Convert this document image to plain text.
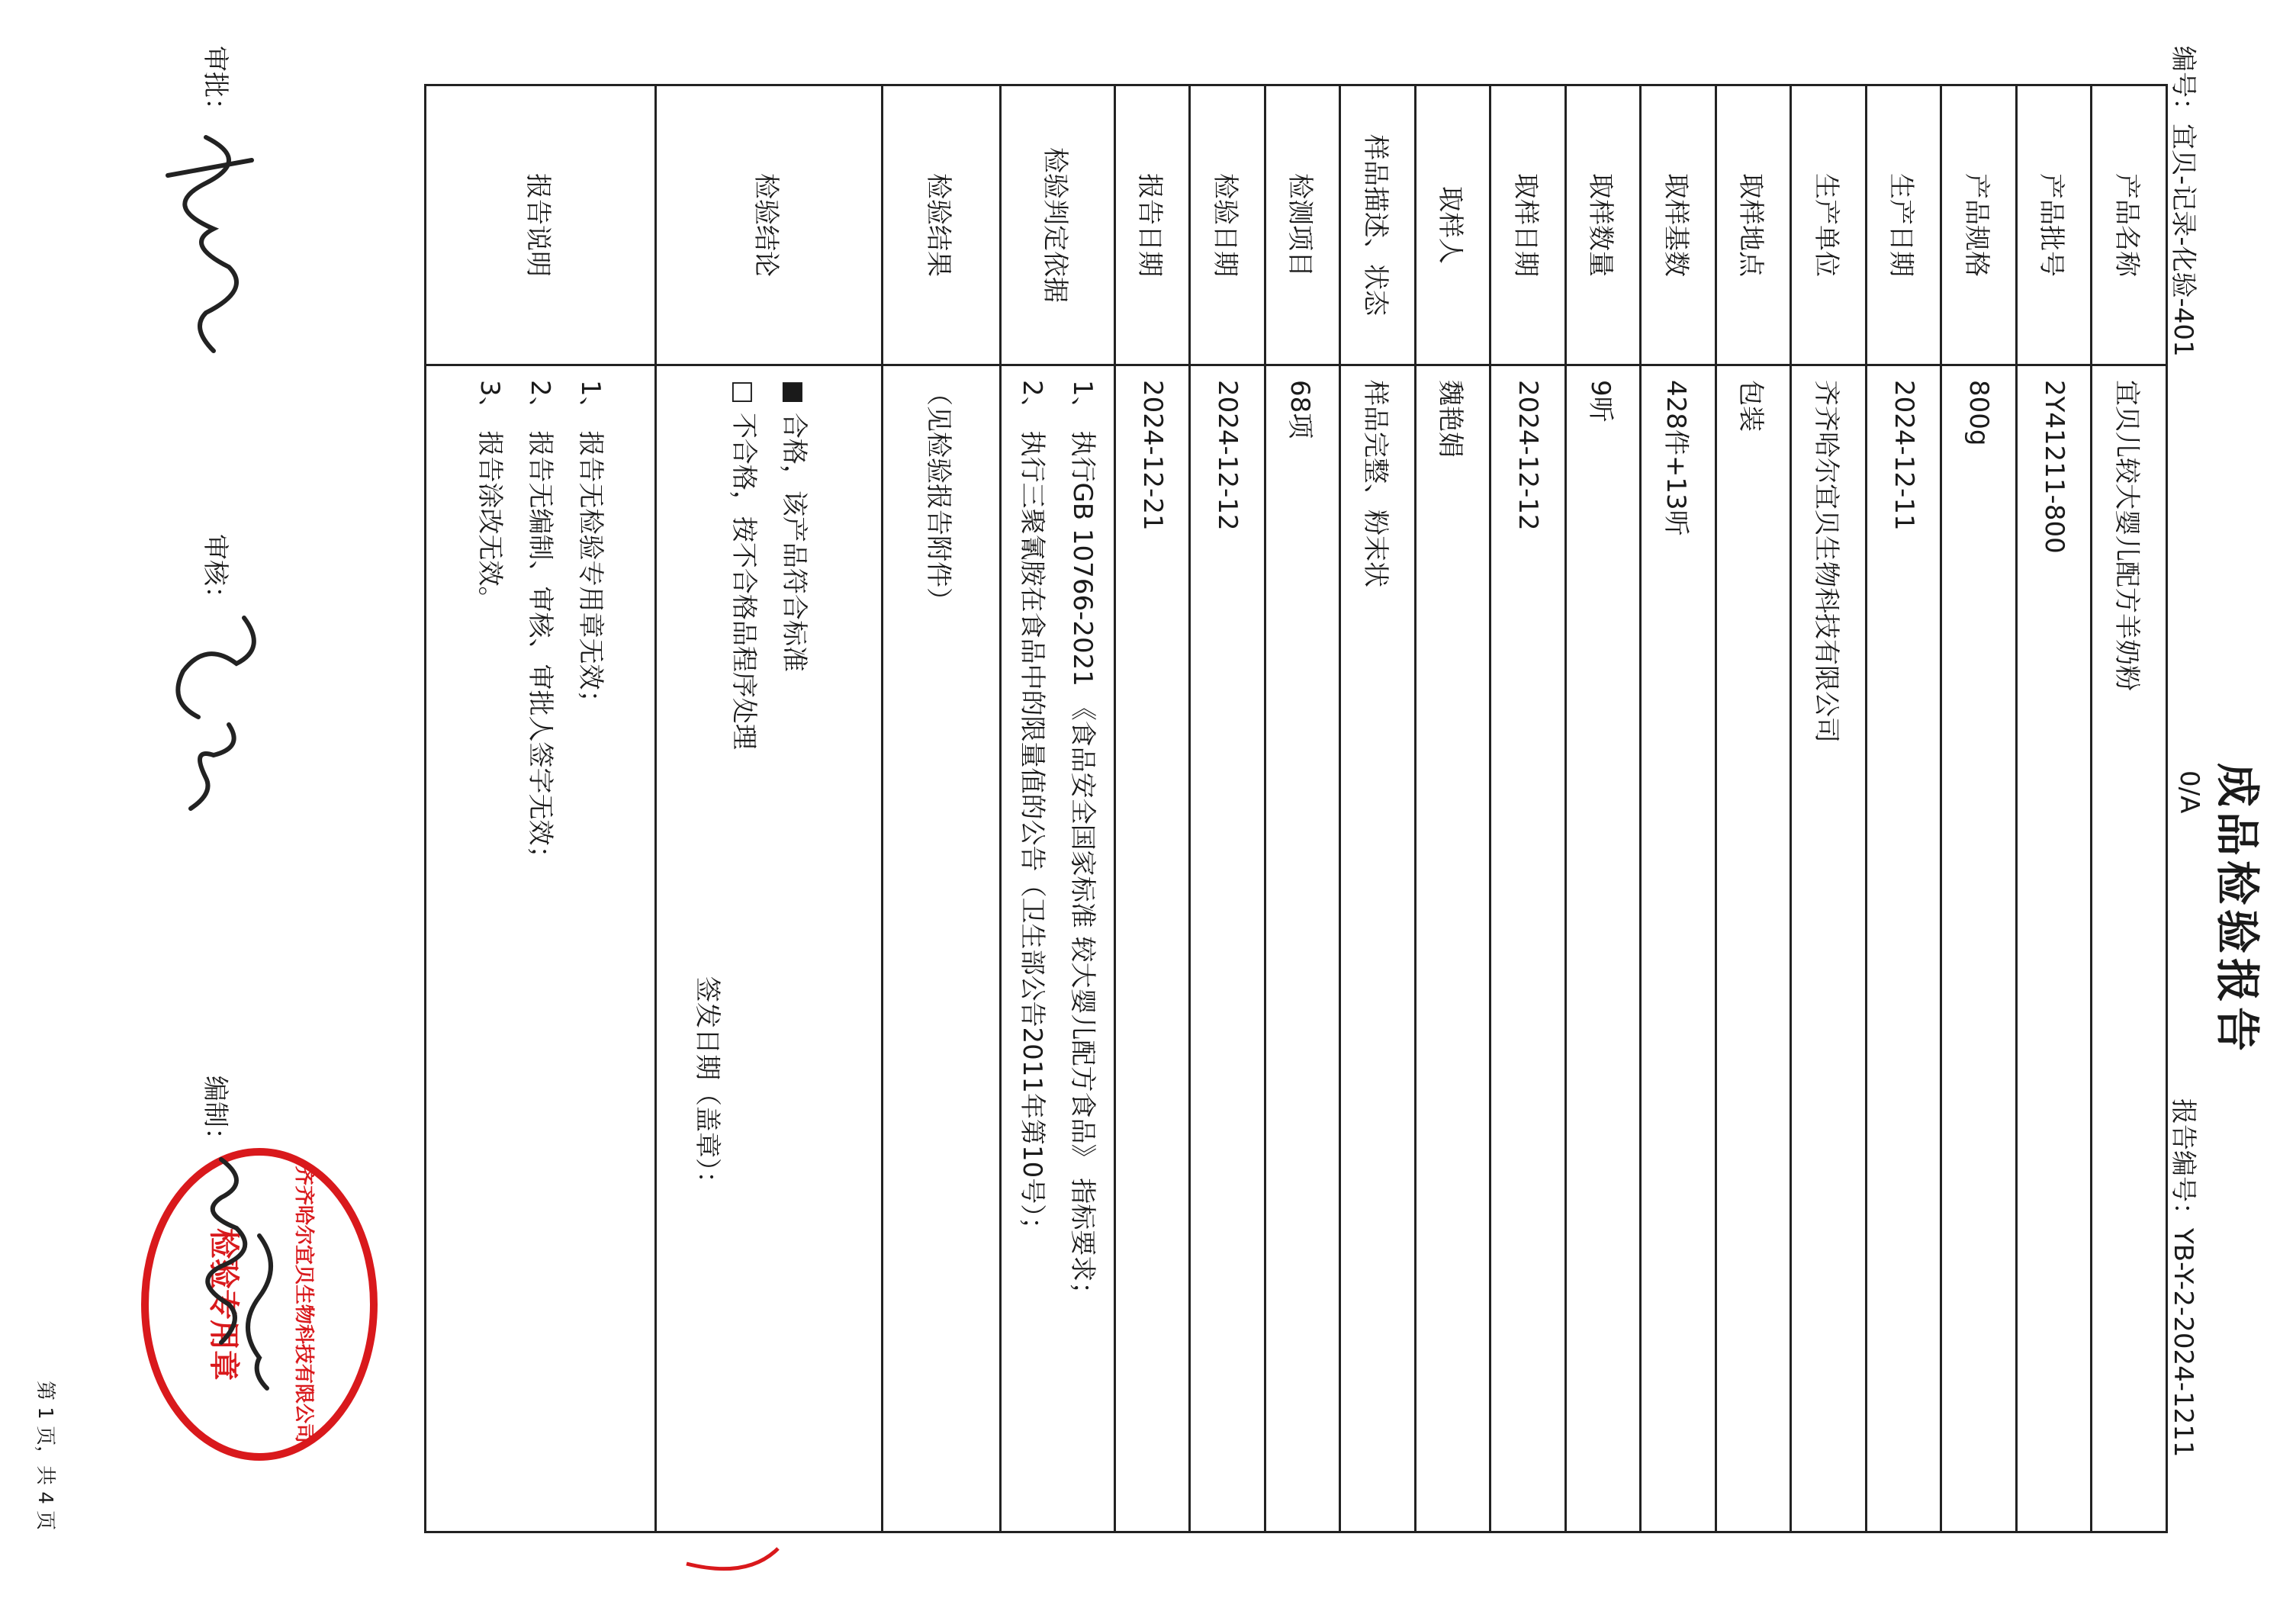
成品检验报告
编号：宜贝-记录-化验-401
0/A
报告编号：YB-Y-2-2024-1211
产品名称	宜贝儿较大婴儿配方羊奶粉
产品批号	2Y41211-800
产品规格	800g
生产日期	2024-12-11
生产单位	齐齐哈尔宜贝生物科技有限公司
取样地点	包装
取样基数	428件+13听
取样数量	9听
取样日期	2024-12-12
取样人	魏艳娟
样品描述、状态	样品完整、粉末状
检测项目	68项
检验日期	2024-12-12
报告日期	2024-12-21
检验判定依据	1、 执行GB 10766-2021 《食品安全国家标准 较大婴儿配方食品》 指标要求；
2、 执行三聚氰胺在食品中的限量值的公告（卫生部公告2011年第10号）；

检验结果	（见检验报告附件）
检验结论	■ 合格，该产品符合标准
□ 不合格，按不合格品程序处理
签发日期（盖章）：

报告说明	1、 报告无检验专用章无效；
2、 报告无编制、审核、审批人签字无效；
3、 报告涂改无效。
齐齐哈尔宜贝生物科技有限公司
检验专用章
审批：
审核：
编制：
第 1 页，共 4 页
